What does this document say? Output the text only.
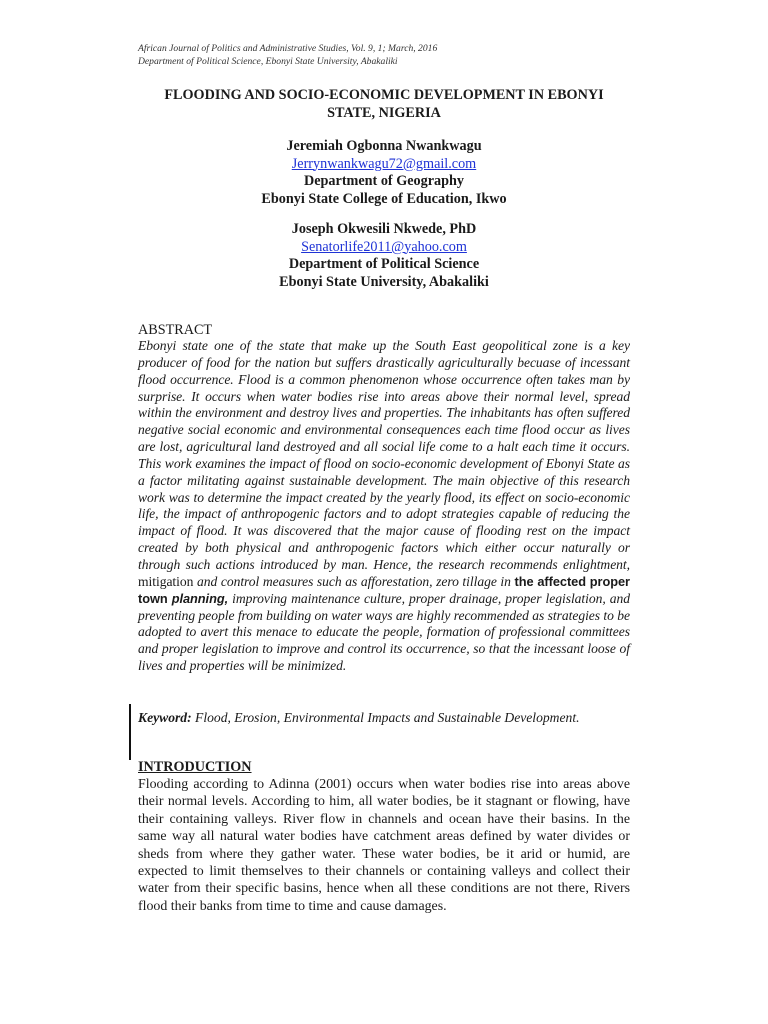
African Journal of Politics and Administrative Studies, Vol. 9, 1; March, 2016
Department of Political Science, Ebonyi State University, Abakaliki
FLOODING AND SOCIO-ECONOMIC DEVELOPMENT IN EBONYI
STATE, NIGERIA
Jeremiah Ogbonna Nwankwagu
Jerrynwankwagu72@gmail.com
Department of Geography
Ebonyi State College of Education, Ikwo
Joseph Okwesili Nkwede, PhD
Senatorlife2011@yahoo.com
Department of Political Science
Ebonyi State University, Abakaliki
ABSTRACT
Ebonyi state one of the state that make up the South East geopolitical zone is a key producer of food for the nation but suffers drastically agriculturally becuase of incessant flood occurrence. Flood is a common phenomenon whose occurrence often takes man by surprise. It occurs when water bodies rise into areas above their normal level, spread within the environment and destroy lives and properties. The inhabitants has often suffered negative social economic and environmental consequences each time flood occur as lives are lost, agricultural land destroyed and all social life come to a halt each time it occurs. This work examines the impact of flood on socio-economic development of Ebonyi State as a factor militating against sustainable development. The main objective of this research work was to determine the impact created by the yearly flood, its effect on socio-economic life, the impact of anthropogenic factors and to adopt strategies capable of reducing the impact of flood. It was discovered that the major cause of flooding rest on the impact created by both physical and anthropogenic factors which either occur naturally or through such actions introduced by man. Hence, the research recommends enlightment, mitigation and control measures such as afforestation, zero tillage in the affected proper town planning, improving maintenance culture, proper drainage, proper legislation, and preventing people from building on water ways are highly recommended as strategies to be adopted to avert this menace to educate the people, formation of professional committees and proper legislation to improve and control its occurrence, so that the incessant loose of lives and properties will be minimized.
Keyword: Flood, Erosion, Environmental Impacts and Sustainable Development.
INTRODUCTION
Flooding according to Adinna (2001) occurs when water bodies rise into areas above
their normal levels. According to him, all water bodies, be it stagnant or flowing, have
their containing valleys. River flow in channels and ocean have their basins. In the
same way all natural water bodies have catchment areas defined by water divides or
sheds from where they gather water. These water bodies, be it arid or humid, are
expected to limit themselves to their channels or containing valleys and collect their
water from their specific basins, hence when all these conditions are not there, Rivers
flood their banks from time to time and cause damages.
